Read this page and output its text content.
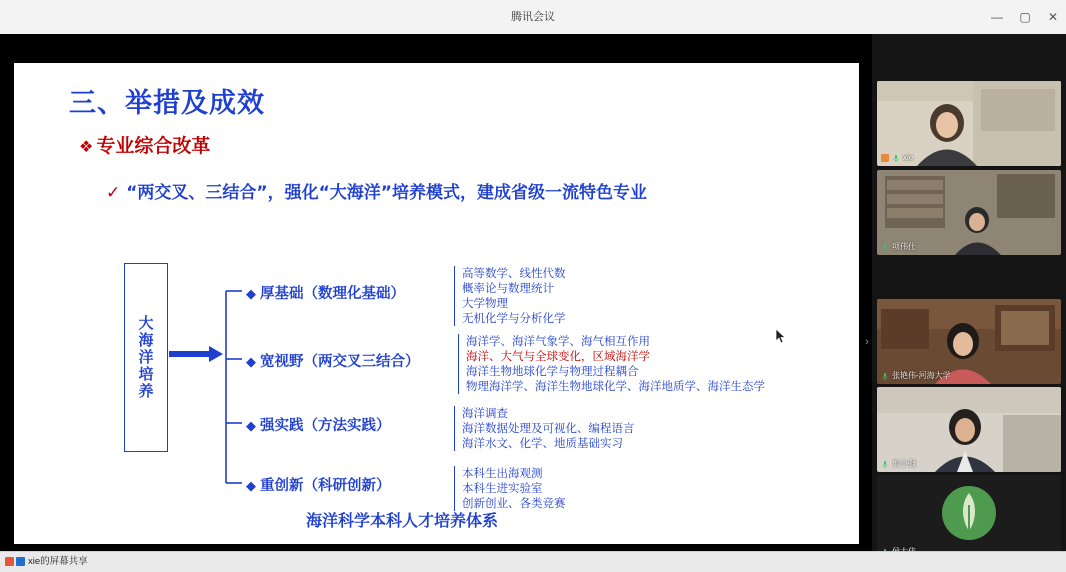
腾讯会议	— ▢ ✕
三、举措及成效
❖ 专业综合改革
✓ “两交叉、三结合”，强化“大海洋”培养模式，建成省级一流特色专业
大海洋培养
◆ 厚基础（数理化基础）
高等数学、线性代数
概率论与数理统计
大学物理
无机化学与分析化学
◆ 宽视野（两交叉三结合）
海洋学、海洋气象学、海气相互作用
海洋、大气与全球变化，区域海洋学
海洋生物地球化学与物理过程耦合
物理海洋学、海洋生物地球化学、海洋地质学、海洋生态学
◆ 强实践（方法实践）
海洋调查
海洋数据处理及可视化、编程语言
海洋水文、化学、地质基础实习
◆ 重创新（科研创新）
本科生出海观测
本科生进实验室
创新创业、各类竞赛
海洋科学本科人才培养体系
›
xie
项伟仕
张艳伟-河海大学
加小强
xie的屏幕共享
